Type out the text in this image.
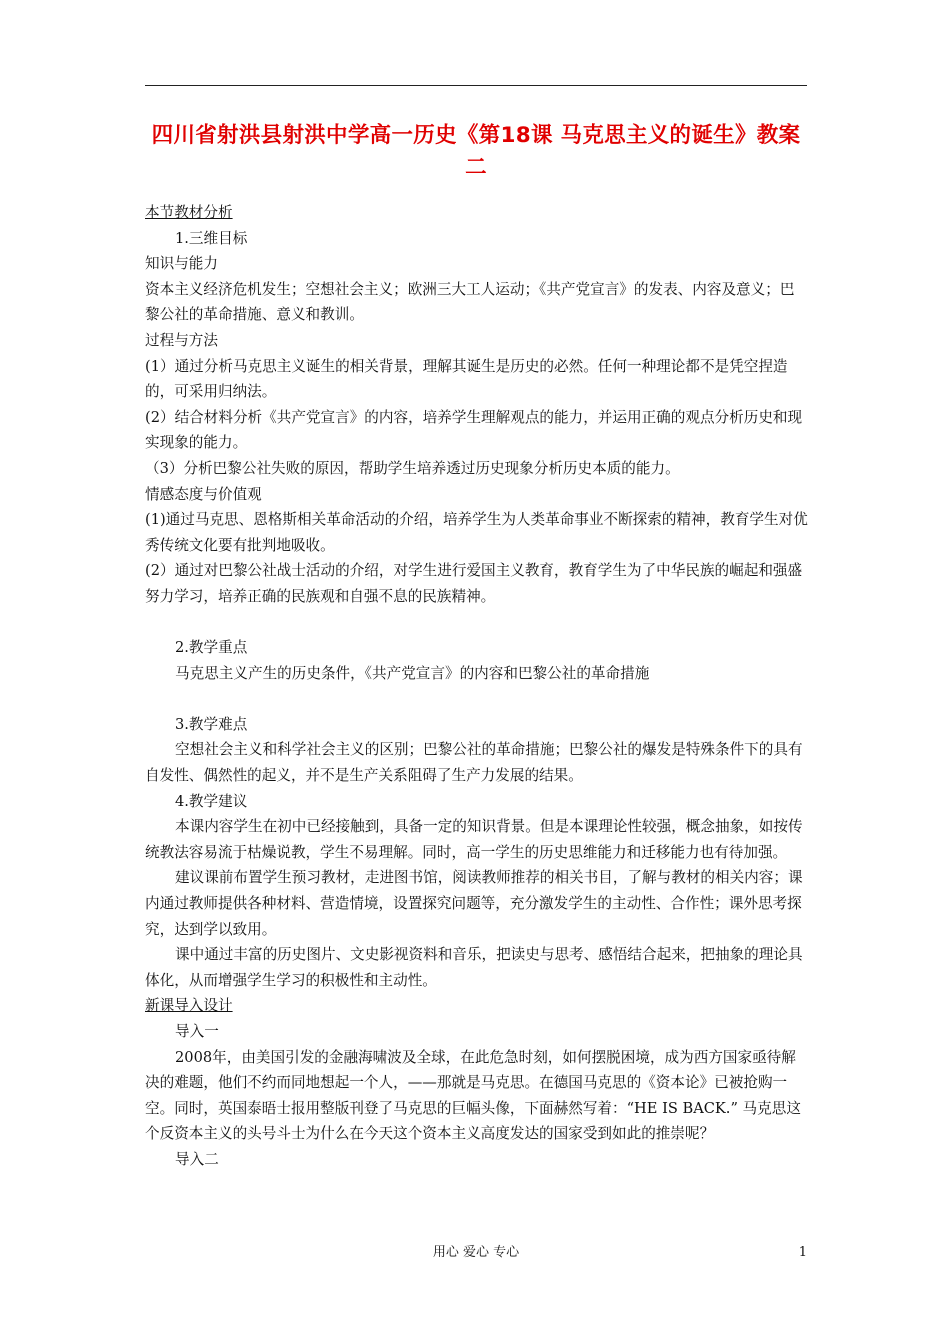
四川省射洪县射洪中学高一历史《第18课 马克思主义的诞生》教案二

本节教材分析

1.三维目标

知识与能力

资本主义经济危机发生；空想社会主义；欧洲三大工人运动；《共产党宣言》的发表、内容及意义；巴黎公社的革命措施、意义和教训。

过程与方法

(1）通过分析马克思主义诞生的相关背景，理解其诞生是历史的必然。任何一种理论都不是凭空捏造的，可采用归纳法。

(2）结合材料分析《共产党宣言》的内容，培养学生理解观点的能力，并运用正确的观点分析历史和现实现象的能力。

（3）分析巴黎公社失败的原因，帮助学生培养透过历史现象分析历史本质的能力。

情感态度与价值观

(1)通过马克思、恩格斯相关革命活动的介绍，培养学生为人类革命事业不断探索的精神，教育学生对优秀传统文化要有批判地吸收。

(2）通过对巴黎公社战士活动的介绍，对学生进行爱国主义教育，教育学生为了中华民族的崛起和强盛努力学习，培养正确的民族观和自强不息的民族精神。

2.教学重点

马克思主义产生的历史条件，《共产党宣言》的内容和巴黎公社的革命措施

3.教学难点

空想社会主义和科学社会主义的区别；巴黎公社的革命措施；巴黎公社的爆发是特殊条件下的具有自发性、偶然性的起义，并不是生产关系阻碍了生产力发展的结果。

4.教学建议

本课内容学生在初中已经接触到，具备一定的知识背景。但是本课理论性较强，概念抽象，如按传统教法容易流于枯燥说教，学生不易理解。同时，高一学生的历史思维能力和迁移能力也有待加强。

建议课前布置学生预习教材，走进图书馆，阅读教师推荐的相关书目，了解与教材的相关内容；课内通过教师提供各种材料、营造情境，设置探究问题等，充分激发学生的主动性、合作性；课外思考探究，达到学以致用。

课中通过丰富的历史图片、文史影视资料和音乐，把读史与思考、感悟结合起来，把抽象的理论具体化，从而增强学生学习的积极性和主动性。

新课导入设计

导入一

2008年，由美国引发的金融海啸波及全球，在此危急时刻，如何摆脱困境，成为西方国家亟待解决的难题，他们不约而同地想起一个人，——那就是马克思。在德国马克思的《资本论》已被抢购一空。同时，英国泰晤士报用整版刊登了马克思的巨幅头像，下面赫然写着：“HE IS BACK.” 马克思这个反资本主义的头号斗士为什么在今天这个资本主义高度发达的国家受到如此的推崇呢？

导入二

用心 爱心 专心	1
